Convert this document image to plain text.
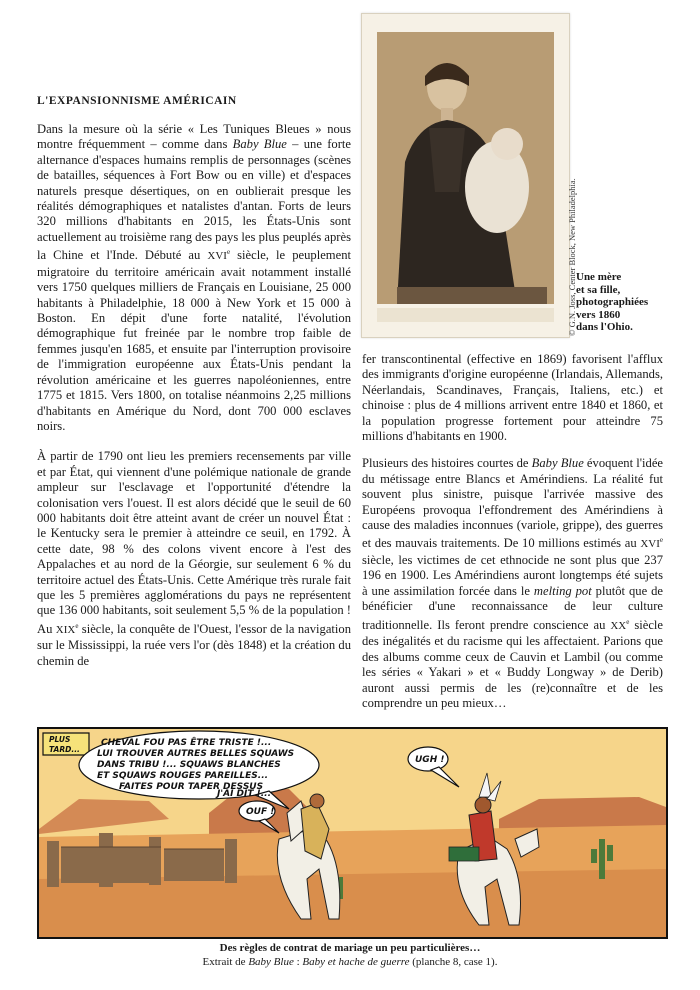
L'EXPANSIONNISME AMÉRICAIN

Dans la mesure où la série « Les Tuniques Bleues » nous montre fréquemment – comme dans Baby Blue – une forte alternance d'espaces humains remplis de personnages (scènes de batailles, séquences à Fort Bow ou en ville) et d'espaces naturels presque désertiques, on en oublierait presque les réalités démographiques et natalistes d'antan. Forts de leurs 320 millions d'habitants en 2015, les États-Unis sont actuellement au troisième rang des pays les plus peuplés après la Chine et l'Inde. Débuté au XVIe siècle, le peuplement migratoire du territoire américain avait notamment installé vers 1750 quelques milliers de Français en Louisiane, 25 000 habitants à Philadelphie, 18 000 à New York et 15 000 à Boston. En dépit d'une forte natalité, l'évolution démographique fut freinée par le nombre trop faible de femmes jusqu'en 1685, et ensuite par l'interruption provisoire de l'immigration européenne aux États-Unis pendant la révolution américaine et les guerres napoléoniennes, entre 1775 et 1815. Vers 1800, on totalise néanmoins 2,25 millions d'habitants en Amérique du Nord, dont 700 000 esclaves noirs.

À partir de 1790 ont lieu les premiers recensements par ville et par État, qui viennent d'une polémique nationale de grande ampleur sur l'esclavage et l'opportunité d'étendre la colonisation vers l'ouest. Il est alors décidé que le seuil de 60 000 habitants doit être atteint avant de créer un nouvel État : le Kentucky sera le premier à atteindre ce seuil, en 1792. À cette date, 98 % des colons vivent encore à l'est des Appalaches et au nord de la Géorgie, sur seulement 6 % du territoire actuel des États-Unis. Cette Amérique très rurale fait que les 5 premières agglomérations du pays ne représentent que 136 000 habitants, soit seulement 5,5 % de la population ! Au XIXe siècle, la conquête de l'Ouest, l'essor de la navigation sur le Mississippi, la ruée vers l'or (dès 1848) et la création du chemin de

fer transcontinental (effective en 1869) favorisent l'afflux des immigrants d'origine européenne (Irlandais, Allemands, Néerlandais, Scandinaves, Français, Italiens, etc.) et chinoise : plus de 4 millions arrivent entre 1840 et 1860, et la population progresse fortement pour atteindre 75 millions d'habitants en 1900.

Plusieurs des histoires courtes de Baby Blue évoquent l'idée du métissage entre Blancs et Amérindiens. La réalité fut souvent plus sinistre, puisque l'arrivée massive des Européens provoqua l'effondrement des Amérindiens à cause des maladies inconnues (variole, grippe), des guerres et des mauvais traitements. De 10 millions estimés au XVIe siècle, les victimes de cet ethnocide ne sont plus que 237 196 en 1900. Les Amérindiens auront longtemps été sujets à une assimilation forcée dans le melting pot plutôt que de bénéficier d'une reconnaissance de leur culture traditionnelle. Ils feront prendre conscience au XXe siècle des inégalités et du racisme qui les affectaient. Parions que des albums comme ceux de Cauvin et Lambil (ou comme les séries « Yakari » et « Buddy Longway » de Derib) auront aussi permis de les (re)connaître et de les comprendre un peu mieux…

© G.N. Joss, Center Block, New Philadelphia. Une mère
et sa fille,
photographiées
vers 1860
dans l'Ohio.
PLUS
TARD...
CHEVAL FOU PAS ÊTRE TRISTE !...
LUI TROUVER AUTRES BELLES SQUAWS
DANS TRIBU !... SQUAWS BLANCHES
ET SQUAWS ROUGES PAREILLES...
FAITES POUR TAPER DESSUS
J'AI DIT !...
UGH !
OUF !
Des règles de contrat de mariage un peu particulières…
Extrait de Baby Blue : Baby et hache de guerre (planche 8, case 1).
